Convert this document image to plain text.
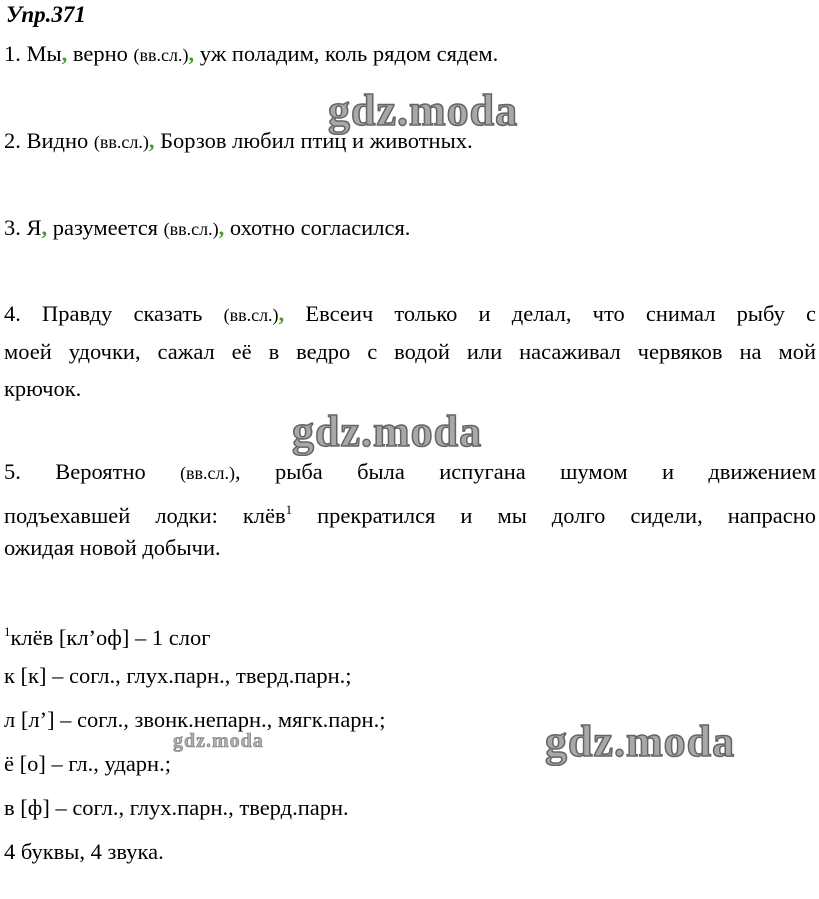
Упр.371
1. Мы, верно (вв.сл.), уж поладим, коль рядом сядем.
2. Видно (вв.сл.), Борзов любил птиц и животных.
3. Я, разумеется (вв.сл.), охотно согласился.
4. Правду сказать (вв.сл.), Евсеич только и делал, что снимал рыбу с
моей удочки, сажал её в ведро с водой или насаживал червяков на мой
крючок.
5. Вероятно (вв.сл.), рыба была испугана шумом и движением
подъехавшей лодки: клёв$^1$ прекратился и мы долго сидели, напрасно
ожидая новой добычи.
$^1$клёв [кл’оф] – 1 слог
к [к] – согл., глух.парн., тверд.парн.;
л [л’] – согл., звонк.непарн., мягк.парн.;
ё [о] – гл., ударн.;
в [ф] – согл., глух.парн., тверд.парн.
4 буквы, 4 звука.
gdz.moda
gdz.moda
gdz.moda
gdz.moda
